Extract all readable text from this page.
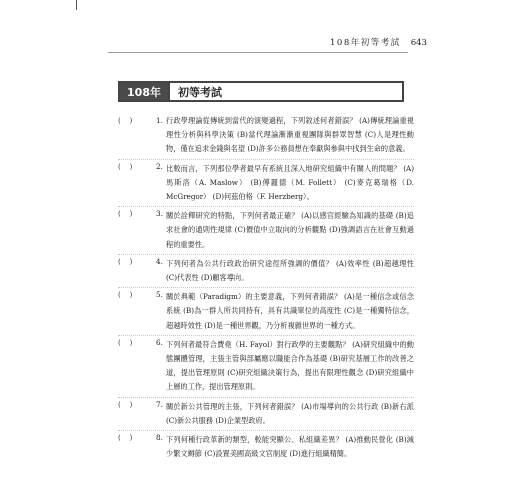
108年初等考試 643
108年	初等考試
(    )	1. 行政學理論從傳統到當代的演變過程，下列敘述何者錯誤？ (A)傳統理論重視理性分析與科學決策 (B)當代理論漸漸重視團隊與群眾智慧 (C)人是理性動物，僅在追求金錢與名望 (D)許多公務員想在奉獻與參與中找到生命的意義。
(    )	2. 比較而言，下列那位學者最早有系統且深入地研究組織中有關人的問題？ (A)馬斯洛（A. Maslow） (B)傅麗德（M. Follett） (C)麥克葛瑞格（D. McGregor） (D)何茲伯格（F. Herzberg）。
(    )	3. 關於詮釋研究的特點，下列何者最正確？ (A)以感官經驗為知識的基礎 (B)追求社會的通則性規律 (C)價值中立取向的分析觀點 (D)強調語言在社會互動過程的重要性。
(    )	4. 下列何者為公共行政政治研究途徑所強調的價值？ (A)效率性 (B)超越理性 (C)代表性 (D)顧客導向。
(    )	5. 關於典範（Paradigm）的主要意義，下列何者錯誤？ (A)是一種信念或信念系統 (B)為一群人所共同持有，具有共識單位的高度性 (C)是一種獨特信念，超越時效性 (D)是一種世界觀，乃分析複雜世界的一種方式。
(    )	6. 下列何者最符合費堯（H. Fayol）對行政學的主要觀點？ (A)研究組織中的動態團體管理，主張主管與部屬應以職能合作為基礎 (B)研究基層工作的改善之道，提出管理原則 (C)研究組織決策行為，提出有限理性觀念 (D)研究組織中上層的工作，提出管理原則。
(    )	7. 關於新公共管理的主張，下列何者錯誤？ (A)市場導向的公共行政 (B)新右派 (C)新公共服務 (D)企業型政府。
(    )	8. 下列何種行政革新的類型，較能突顯公、私組織差異？ (A)推動民營化 (B)減少繁文縟節 (C)設置美國高級文官制度 (D)進行組織精簡。
